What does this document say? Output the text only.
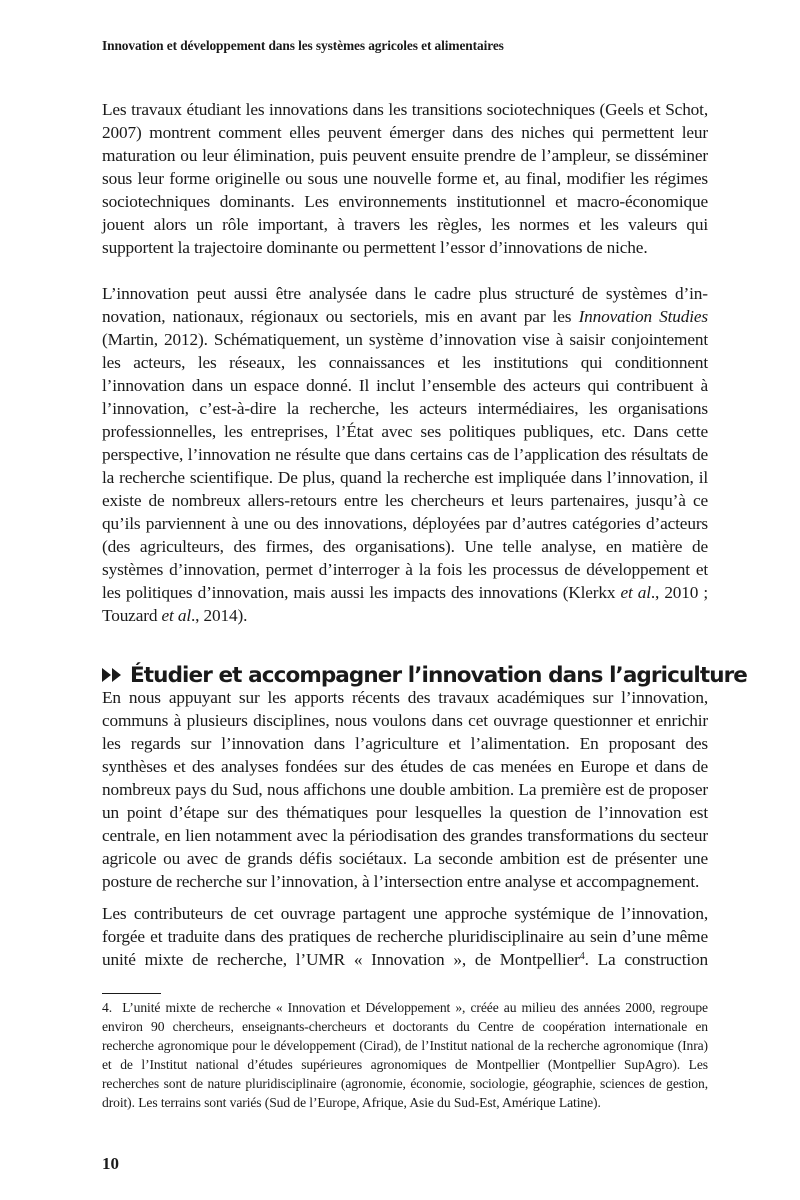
Innovation et développement dans les systèmes agricoles et alimentaires

Les travaux étudiant les innovations dans les transitions sociotechniques (Geels et Schot, 2007) montrent comment elles peuvent émerger dans des niches qui permettent leur maturation ou leur élimination, puis peuvent ensuite prendre de l’ampleur, se disséminer sous leur forme originelle ou sous une nouvelle forme et, au final, modifier les régimes sociotechniques dominants. Les environnements institutionnel et macro-économique jouent alors un rôle important, à travers les règles, les normes et les valeurs qui supportent la trajectoire dominante ou permettent l’essor d’innovations de niche.

L’innovation peut aussi être analysée dans le cadre plus structuré de systèmes d’innovation, nationaux, régionaux ou sectoriels, mis en avant par les Innovation Studies (Martin, 2012). Schématiquement, un système d’innovation vise à saisir conjointement les acteurs, les réseaux, les connaissances et les institutions qui conditionnent l’innovation dans un espace donné. Il inclut l’ensemble des acteurs qui contribuent à l’innovation, c’est-à-dire la recherche, les acteurs intermédiaires, les organisations professionnelles, les entreprises, l’État avec ses politiques publiques, etc. Dans cette perspective, l’innovation ne résulte que dans certains cas de l’application des résultats de la recherche scientifique. De plus, quand la recherche est impliquée dans l’innovation, il existe de nombreux allers-retours entre les chercheurs et leurs partenaires, jusqu’à ce qu’ils parviennent à une ou des innovations, déployées par d’autres catégories d’acteurs (des agriculteurs, des firmes, des organisations). Une telle analyse, en matière de systèmes d’innovation, permet d’interroger à la fois les processus de développement et les politiques d’innovation, mais aussi les impacts des innovations (Klerkx et al., 2010 ; Touzard et al., 2014).

Étudier et accompagner l’innovation dans l’agriculture

En nous appuyant sur les apports récents des travaux académiques sur l’innovation, communs à plusieurs disciplines, nous voulons dans cet ouvrage questionner et enrichir les regards sur l’innovation dans l’agriculture et l’alimentation. En proposant des synthèses et des analyses fondées sur des études de cas menées en Europe et dans de nombreux pays du Sud, nous affichons une double ambition. La première est de proposer un point d’étape sur des thématiques pour lesquelles la question de l’innovation est centrale, en lien notamment avec la périodisation des grandes transformations du secteur agricole ou avec de grands défis sociétaux. La seconde ambition est de présenter une posture de recherche sur l’innovation, à l’intersection entre analyse et accompagnement.

Les contributeurs de cet ouvrage partagent une approche systémique de l’innovation, forgée et traduite dans des pratiques de recherche pluridisciplinaire au sein d’une même unité mixte de recherche, l’UMR « Innovation », de Montpellier$^4$. La construction

4. L’unité mixte de recherche « Innovation et Développement », créée au milieu des années 2000, regroupe environ 90 chercheurs, enseignants-chercheurs et doctorants du Centre de coopération internationale en recherche agronomique pour le développement (Cirad), de l’Institut national de la recherche agronomique (Inra) et de l’Institut national d’études supérieures agronomiques de Montpellier (Montpellier SupAgro). Les recherches sont de nature pluridisciplinaire (agronomie, économie, sociologie, géographie, sciences de gestion, droit). Les terrains sont variés (Sud de l’Europe, Afrique, Asie du Sud-Est, Amérique Latine).

10
